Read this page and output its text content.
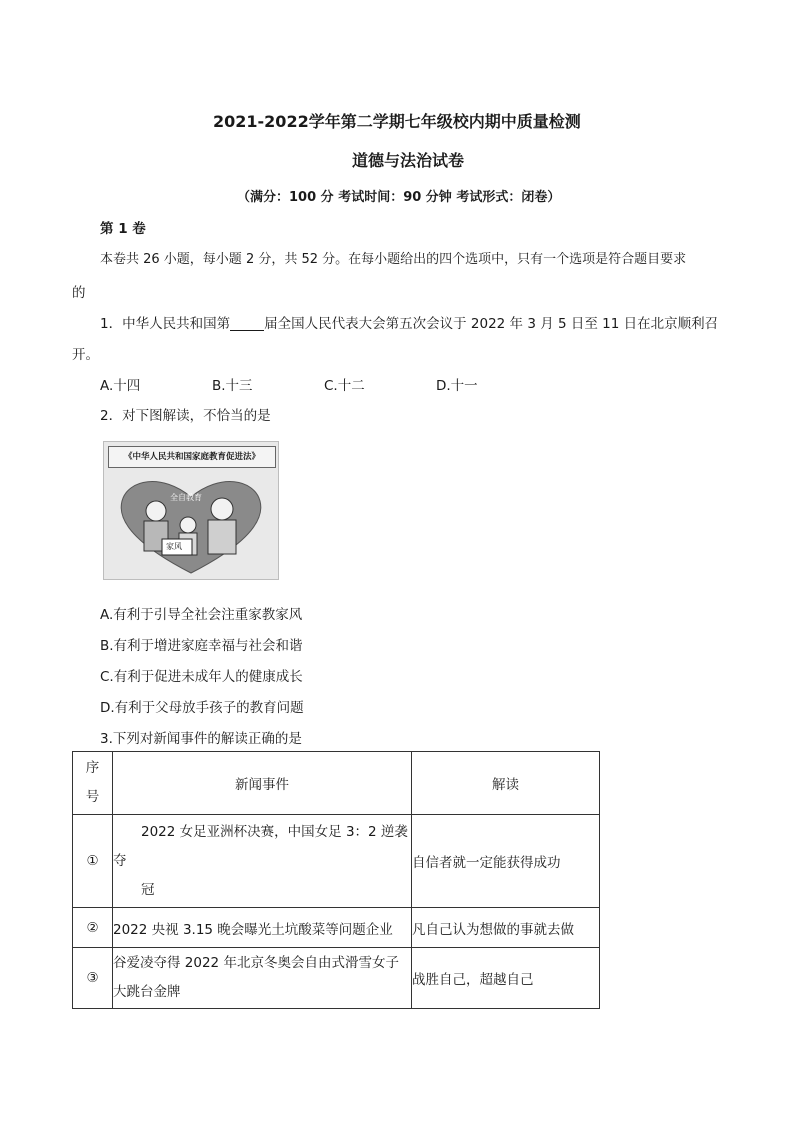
2021-2022学年第二学期七年级校内期中质量检测
道德与法治试卷
（满分：100 分 考试时间：90 分钟 考试形式：闭卷）
第 1 卷
本卷共 26 小题，每小题 2 分，共 52 分。在每小题给出的四个选项中，只有一个选项是符合题目要求
的
1．中华人民共和国第	届全国人民代表大会第五次会议于 2022 年 3 月 5 日至 11 日在北京顺利召
开。
A.十四	B.十三	C.十二	D.十一
2．对下图解读，不恰当的是
《中华人民共和国家庭教育促进法》
全自教育
家风
A.有利于引导全社会注重家教家风
B.有利于增进家庭幸福与社会和谐
C.有利于促进未成年人的健康成长
D.有利于父母放手孩子的教育问题
3.下列对新闻事件的解读正确的是
序
号	新闻事件	解读
①	2022 女足亚洲杯决赛，中国女足 3：2 逆袭
夺
冠	自信者就一定能获得成功
②	2022 央视 3.15 晚会曝光土坑酸菜等问题企业	凡自己认为想做的事就去做
③	谷爱凌夺得 2022 年北京冬奥会自由式滑雪女子
大跳台金牌	战胜自己，超越自己
